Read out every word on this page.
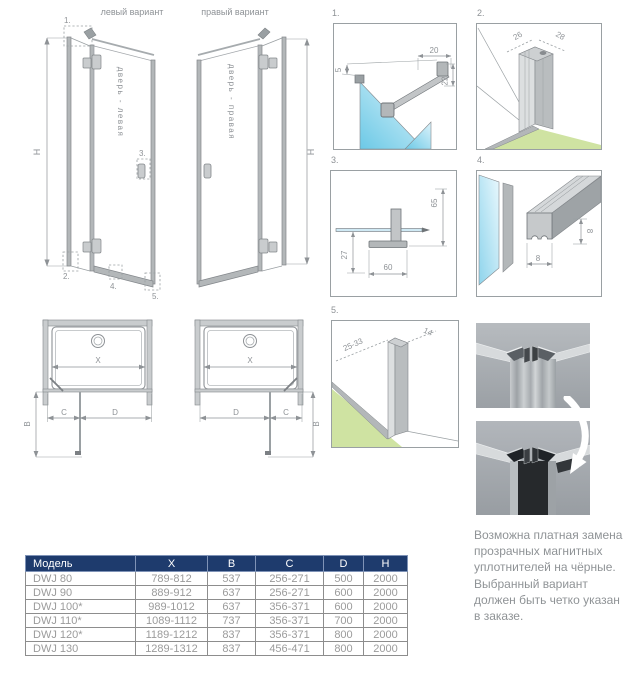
левый вариант	правый вариант
H
дверь - левая
1.
2.
3.
4.
5.
H
дверь - правая
X
C	D
B
X
D	C
B
1.
20
5
22
2.
26	28
3.
65
27
60
4.
8
8
5.
25-33
14
Возможна платная замена
прозрачных магнитных
уплотнителей на чёрные.
Выбранный вариант
должен быть четко указан
в заказе.
Модель	X	B	C	D	H
DWJ 80	789-812	537	256-271	500	2000
DWJ 90	889-912	637	256-271	600	2000
DWJ 100*	989-1012	637	356-371	600	2000
DWJ 110*	1089-1112	737	356-371	700	2000
DWJ 120*	1189-1212	837	356-371	800	2000
DWJ 130	1289-1312	837	456-471	800	2000
